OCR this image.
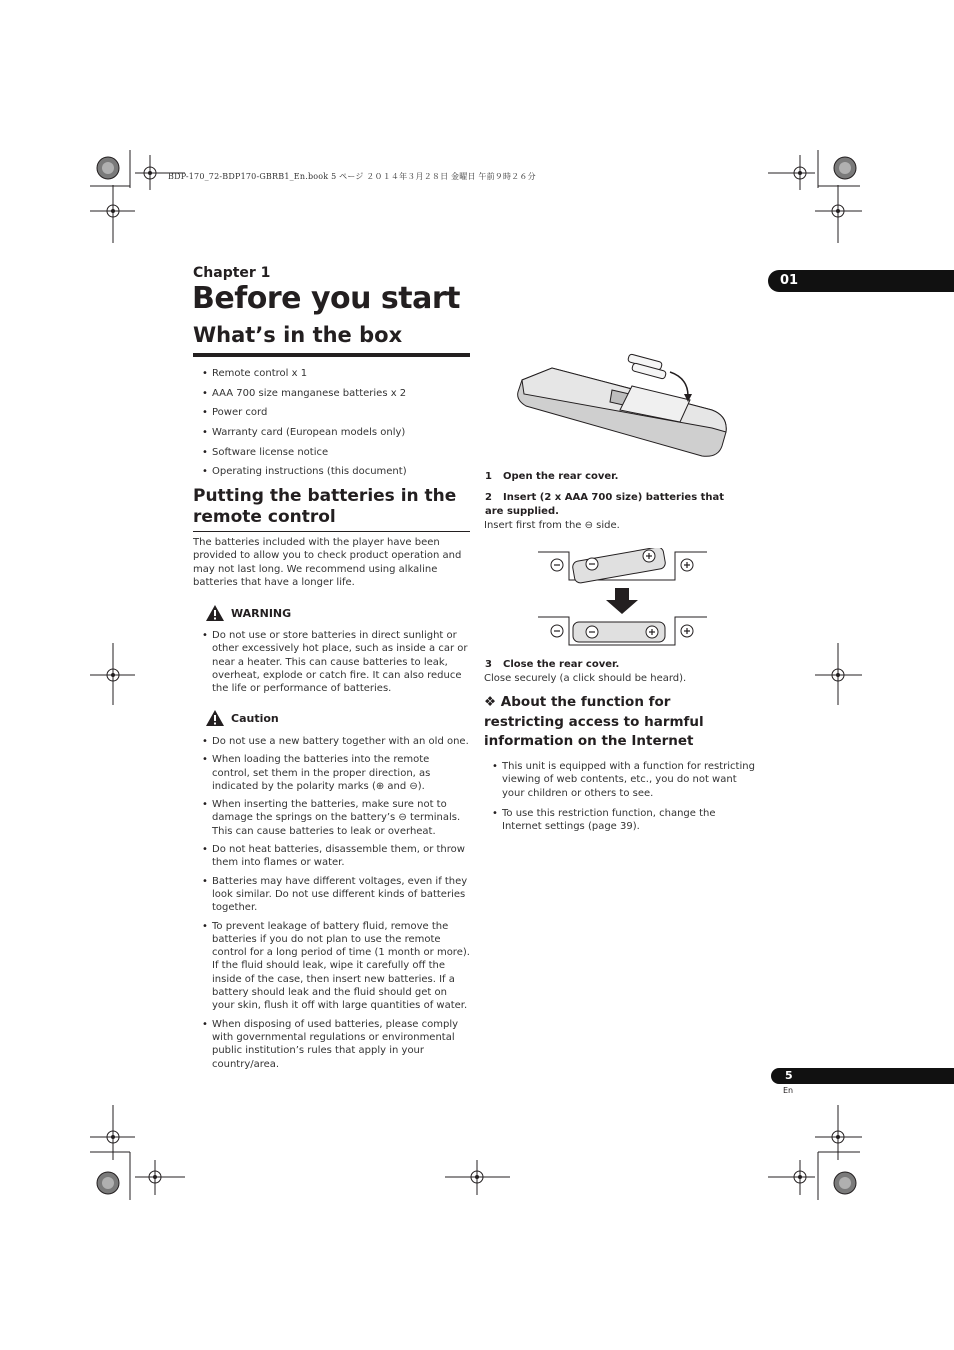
BDP-170_72-BDP170-GBRB1_En.book 5 ページ ２０１４年３月２８日 金曜日 午前９時２６分
01
Chapter 1
Before you start
What’s in the box
• Remote control x 1
• AAA 700 size manganese batteries x 2
• Power cord
• Warranty card (European models only)
• Software license notice
• Operating instructions (this document)
Putting the batteries in the remote control
The batteries included with the player have been provided to allow you to check product operation and may not last long. We recommend using alkaline batteries that have a longer life.
WARNING
• Do not use or store batteries in direct sunlight or other excessively hot place, such as inside a car or near a heater. This can cause batteries to leak, overheat, explode or catch fire. It can also reduce the life or performance of batteries.
Caution
• Do not use a new battery together with an old one.
• When loading the batteries into the remote control, set them in the proper direction, as indicated by the polarity marks (⊕ and ⊖).
• When inserting the batteries, make sure not to damage the springs on the battery’s ⊖ terminals. This can cause batteries to leak or overheat.
• Do not heat batteries, disassemble them, or throw them into flames or water.
• Batteries may have different voltages, even if they look similar. Do not use different kinds of batteries together.
• To prevent leakage of battery fluid, remove the batteries if you do not plan to use the remote control for a long period of time (1 month or more). If the fluid should leak, wipe it carefully off the inside of the case, then insert new batteries. If a battery should leak and the fluid should get on your skin, flush it off with large quantities of water.
• When disposing of used batteries, please comply with governmental regulations or environmental public institution’s rules that apply in your country/area.
1 Open the rear cover.
2 Insert (2 x AAA 700 size) batteries that are supplied.
Insert first from the ⊖ side.
3 Close the rear cover.
Close securely (a click should be heard).
❖ About the function for restricting access to harmful information on the Internet
• This unit is equipped with a function for restricting viewing of web contents, etc., you do not want your children or others to see.
• To use this restriction function, change the Internet settings (page 39).
5
En
